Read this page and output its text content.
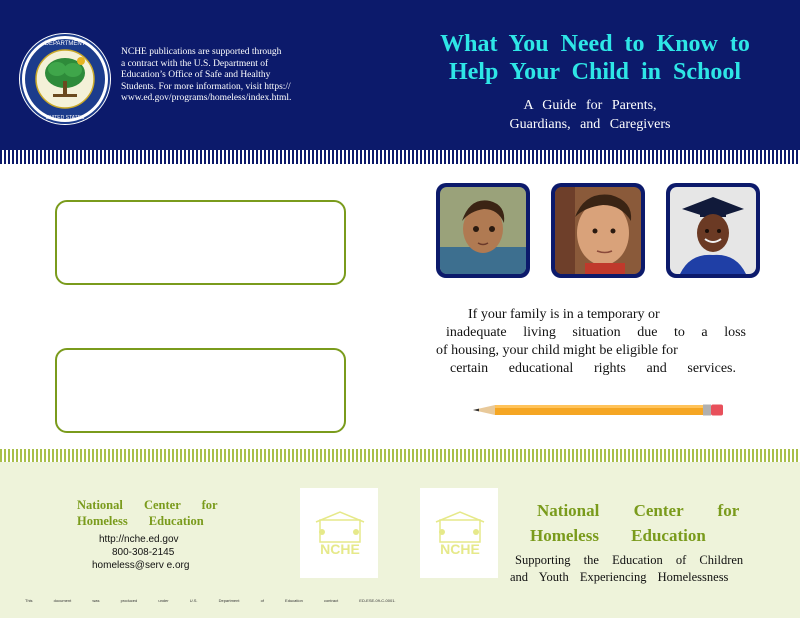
DEPARTMENT
UNITED STATES
NCHE publications are supported through
a contract with the U.S. Department of
Education’s Office of Safe and Healthy
Students. For more information, visit https://
www.ed.gov/programs/homeless/index.html.
What You Need to Know to
Help Your Child in School
A Guide for Parents,
Guardians, and Caregivers
If your family is in a temporary or
inadequate living situation due to a loss
of housing, your child might be eligible for
certain educational rights and services.
National Center for
Homeless Education
http://nche.ed.gov
800-308-2145
homeless@serv e.org
NCHE	NCHE
National Center for
Homeless Education
Supporting the Education of Children
and Youth Experiencing Homelessness
This document was produced under U.S. Department of Education contract ED-ESE-09-C-0001.
